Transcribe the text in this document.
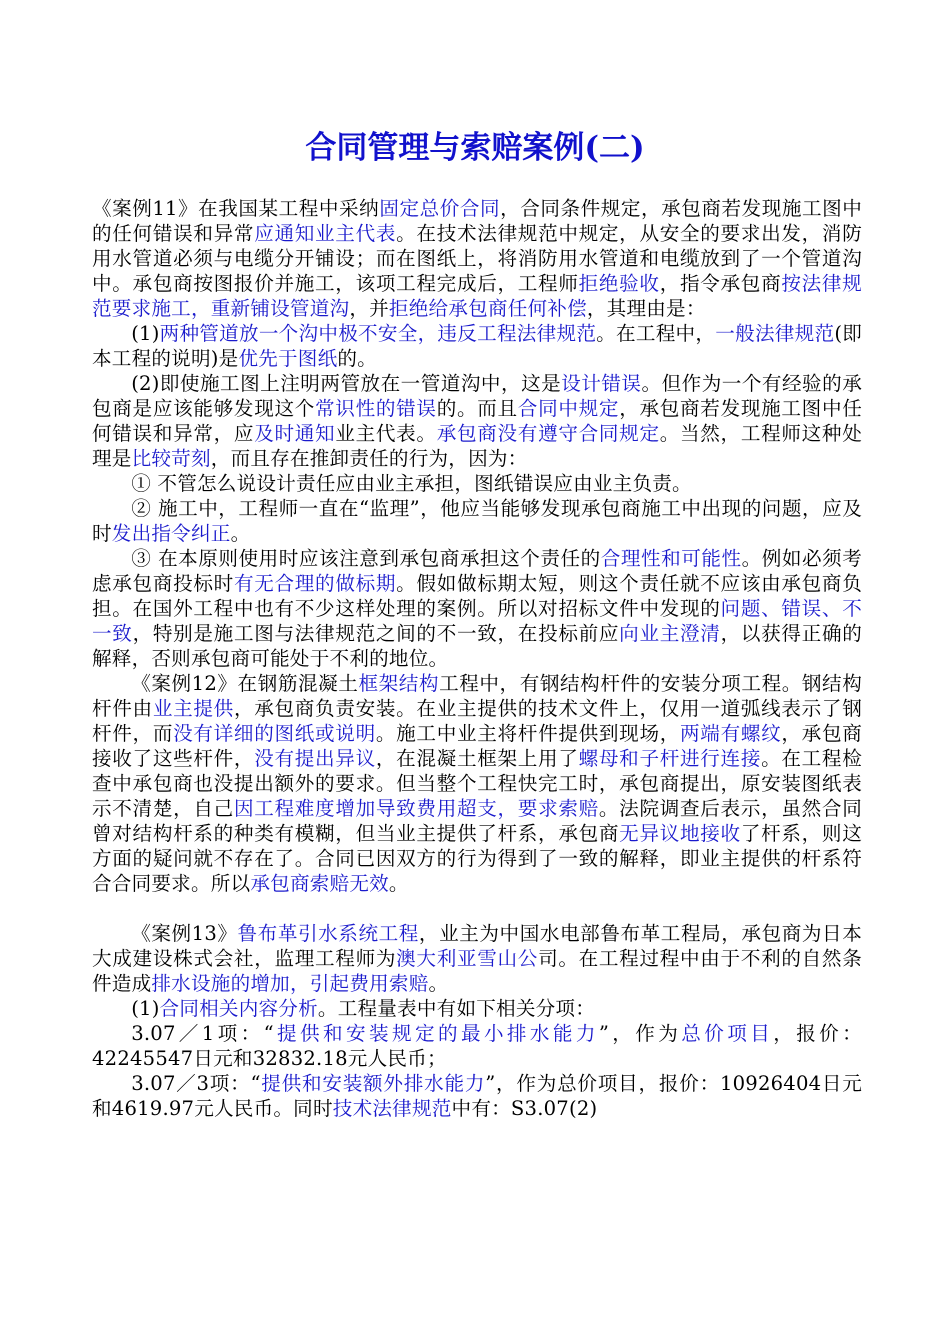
合同管理与索赔案例(二)

《案例11》在我国某工程中采纳固定总价合同，合同条件规定，承包商若发现施工图中的任何错误和异常应通知业主代表。在技术法律规范中规定，从安全的要求出发，消防用水管道必须与电缆分开铺设；而在图纸上，将消防用水管道和电缆放到了一个管道沟中。承包商按图报价并施工，该项工程完成后，工程师拒绝验收，指令承包商按法律规范要求施工，重新铺设管道沟，并拒绝给承包商任何补偿，其理由是：

(1)两种管道放一个沟中极不安全，违反工程法律规范。在工程中，一般法律规范(即本工程的说明)是优先于图纸的。

(2)即使施工图上注明两管放在一管道沟中，这是设计错误。但作为一个有经验的承包商是应该能够发现这个常识性的错误的。而且合同中规定，承包商若发现施工图中任何错误和异常，应及时通知业主代表。承包商没有遵守合同规定。当然，工程师这种处理是比较苛刻，而且存在推卸责任的行为，因为：

① 不管怎么说设计责任应由业主承担，图纸错误应由业主负责。

② 施工中，工程师一直在“监理”，他应当能够发现承包商施工中出现的问题，应及时发出指令纠正。

③ 在本原则使用时应该注意到承包商承担这个责任的合理性和可能性。例如必须考虑承包商投标时有无合理的做标期。假如做标期太短，则这个责任就不应该由承包商负担。在国外工程中也有不少这样处理的案例。所以对招标文件中发现的问题、错误、不一致，特别是施工图与法律规范之间的不一致，在投标前应向业主澄清，以获得正确的解释，否则承包商可能处于不利的地位。

《案例12》在钢筋混凝土框架结构工程中，有钢结构杆件的安装分项工程。钢结构杆件由业主提供，承包商负责安装。在业主提供的技术文件上，仅用一道弧线表示了钢杆件，而没有详细的图纸或说明。施工中业主将杆件提供到现场，两端有螺纹，承包商接收了这些杆件，没有提出异议，在混凝土框架上用了螺母和子杆进行连接。在工程检查中承包商也没提出额外的要求。但当整个工程快完工时，承包商提出，原安装图纸表示不清楚，自己因工程难度增加导致费用超支，要求索赔。法院调查后表示，虽然合同曾对结构杆系的种类有模糊，但当业主提供了杆系，承包商无异议地接收了杆系，则这方面的疑问就不存在了。合同已因双方的行为得到了一致的解释，即业主提供的杆系符合合同要求。所以承包商索赔无效。

《案例13》鲁布革引水系统工程，业主为中国水电部鲁布革工程局，承包商为日本大成建设株式会社，监理工程师为澳大利亚雪山公司。在工程过程中由于不利的自然条件造成排水设施的增加，引起费用索赔。

(1)合同相关内容分析。工程量表中有如下相关分项：

3.07／1项：“提供和安装规定的最小排水能力”，作为总价项目，报价：42245547日元和32832.18元人民币；

3.07／3项：“提供和安装额外排水能力”，作为总价项目，报价：10926404日元和4619.97元人民币。同时技术法律规范中有：S3.07(2)
